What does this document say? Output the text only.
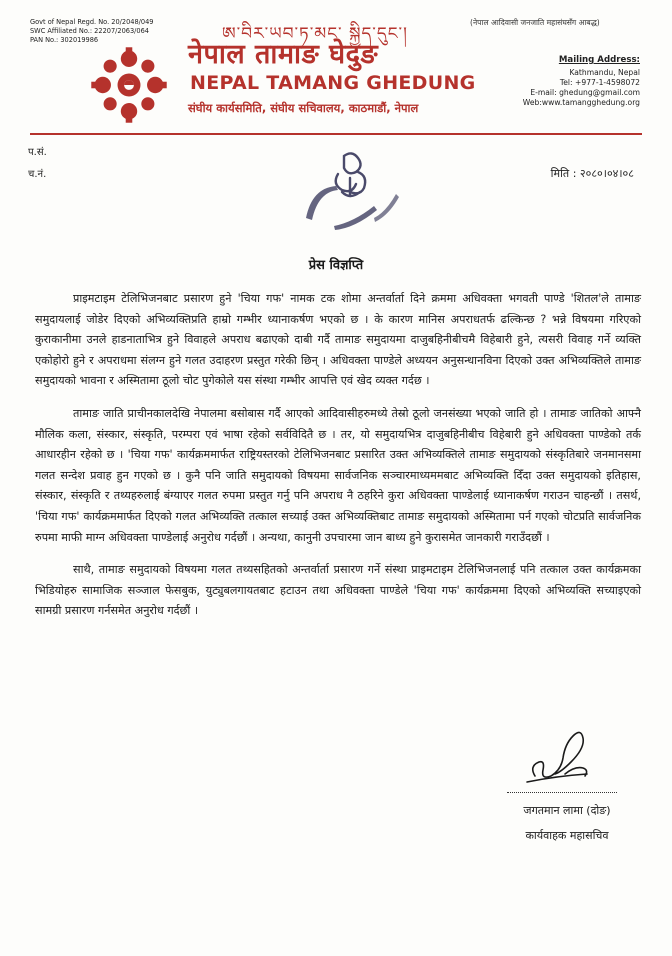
Govt of Nepal Regd. No. 20/2048/049
SWC Affiliated No.: 22207/2063/064
PAN No.: 302019986	ཨ་བིར་ཡབ་ཏ་མང་ སྐྱིད་དུང་།
(नेपाल आदिवासी जनजाति महासंघसँग आबद्ध)
नेपाल तामाङ घेदुङ
NEPAL TAMANG GHEDUNG
संघीय कार्यसमिति, संघीय सचिवालय, काठमाडौं, नेपाल
Mailing Address:
Kathmandu, Nepal
Tel: +977-1-4598072
E-mail: ghedung@gmail.com
Web:www.tamangghedung.org
प.सं.
च.नं.	मिति : २०८०।०४।०८
प्रेस विज्ञप्ति

प्राइमटाइम टेलिभिजनबाट प्रसारण हुने 'चिया गफ' नामक टक शोमा अन्तर्वार्ता दिने क्रममा अधिवक्ता भगवती पाण्डे 'शितल'ले तामाङ समुदायलाई जोडेर दिएको अभिव्यक्तिप्रति हाम्रो गम्भीर ध्यानाकर्षण भएको छ । के कारण मानिस अपराधतर्फ ढल्किन्छ ? भन्ने विषयमा गरिएको कुराकानीमा उनले हाडनाताभित्र हुने विवाहले अपराध बढाएको दाबी गर्दै तामाङ समुदायमा दाजुबहिनीबीचमै विहेबारी हुने, त्यसरी विवाह गर्ने व्यक्ति एकोहोरो हुने र अपराधमा संलग्न हुने गलत उदाहरण प्रस्तुत गरेकी छिन् । अधिवक्ता पाण्डेले अध्ययन अनुसन्धानविना दिएको उक्त अभिव्यक्तिले तामाङ समुदायको भावना र अस्मितामा ठूलो चोट पुगेकोले यस संस्था गम्भीर आपत्ति एवं खेद व्यक्त गर्दछ ।

तामाङ जाति प्राचीनकालदेखि नेपालमा बसोबास गर्दै आएको आदिवासीहरुमध्ये तेस्रो ठूलो जनसंख्या भएको जाति हो । तामाङ जातिको आफ्नै मौलिक कला, संस्कार, संस्कृति, परम्परा एवं भाषा रहेको सर्वविदितै छ । तर, यो समुदायभित्र दाजुबहिनीबीच विहेबारी हुने अधिवक्ता पाण्डेको तर्क आधारहीन रहेको छ । 'चिया गफ' कार्यक्रममार्फत राष्ट्रियस्तरको टेलिभिजनबाट प्रसारित उक्त अभिव्यक्तिले तामाङ समुदायको संस्कृतिबारे जनमानसमा गलत सन्देश प्रवाह हुन गएको छ । कुनै पनि जाति समुदायको विषयमा सार्वजनिक सञ्चारमाध्यममबाट अभिव्यक्ति दिँदा उक्त समुदायको इतिहास, संस्कार, संस्कृति र तथ्यहरुलाई बंग्याएर गलत रुपमा प्रस्तुत गर्नु पनि अपराध नै ठहरिने कुरा अधिवक्ता पाण्डेलाई ध्यानाकर्षण गराउन चाहन्छौं । तसर्थ, 'चिया गफ' कार्यक्रममार्फत दिएको गलत अभिव्यक्ति तत्काल सच्याई उक्त अभिव्यक्तिबाट तामाङ समुदायको अस्मितामा पर्न गएको चोटप्रति सार्वजनिक रुपमा माफी माग्न अधिवक्ता पाण्डेलाई अनुरोध गर्दछौं । अन्यथा, कानुनी उपचारमा जान बाध्य हुने कुरासमेत जानकारी गराउँदछौं ।

साथै, तामाङ समुदायको विषयमा गलत तथ्यसहितको अन्तर्वार्ता प्रसारण गर्ने संस्था प्राइमटाइम टेलिभिजनलाई पनि तत्काल उक्त कार्यक्रमका भिडियोहरु सामाजिक सञ्जाल फेसबुक, युट्युबलगायतबाट हटाउन तथा अधिवक्ता पाण्डेले 'चिया गफ' कार्यक्रममा दिएको अभिव्यक्ति सच्याइएको सामग्री प्रसारण गर्नसमेत अनुरोध गर्दछौं ।

जगतमान लामा (दोङ)
कार्यवाहक महासचिव
